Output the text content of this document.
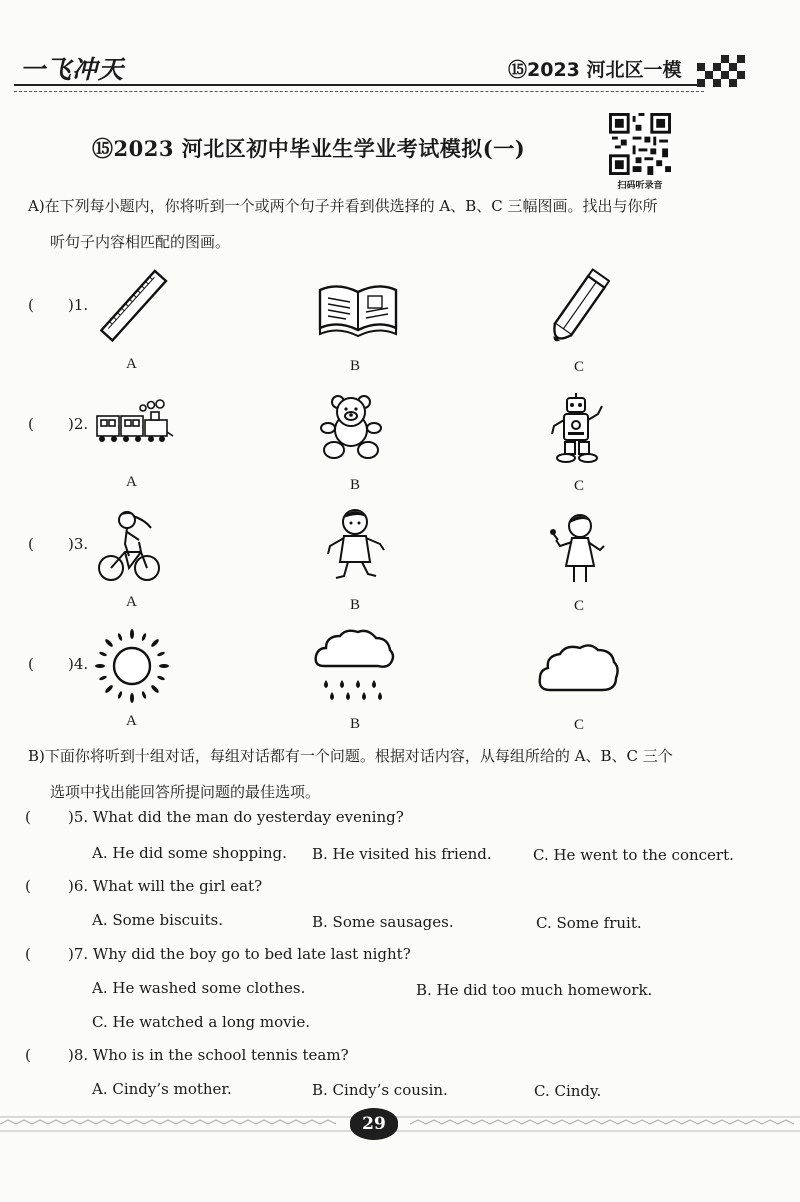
一飞冲天	⑮2023 河北区一模
⑮2023 河北区初中毕业生学业考试模拟(一)
扫码听录音
A)在下列每小题内，你将听到一个或两个句子并看到供选择的 A、B、C 三幅图画。找出与你所
听句子内容相匹配的图画。
( )1.
A	B	C
( )2.
A	B	C
( )3.
A	B	C
( )4.
A	B	C
B)下面你将听到十组对话，每组对话都有一个问题。根据对话内容，从每组所给的 A、B、C 三个
选项中找出能回答所提问题的最佳选项。
( )5. What did the man do yesterday evening?
A. He did some shopping. B. He visited his friend.	C. He went to the concert.
( )6. What will the girl eat?
A. Some biscuits.	B. Some sausages.	C. Some fruit.
( )7. Why did the boy go to bed late last night?
A. He washed some clothes.	B. He did too much homework.
C. He watched a long movie.
( )8. Who is in the school tennis team?
A. Cindy’s mother.	B. Cindy’s cousin.	C. Cindy.
29
